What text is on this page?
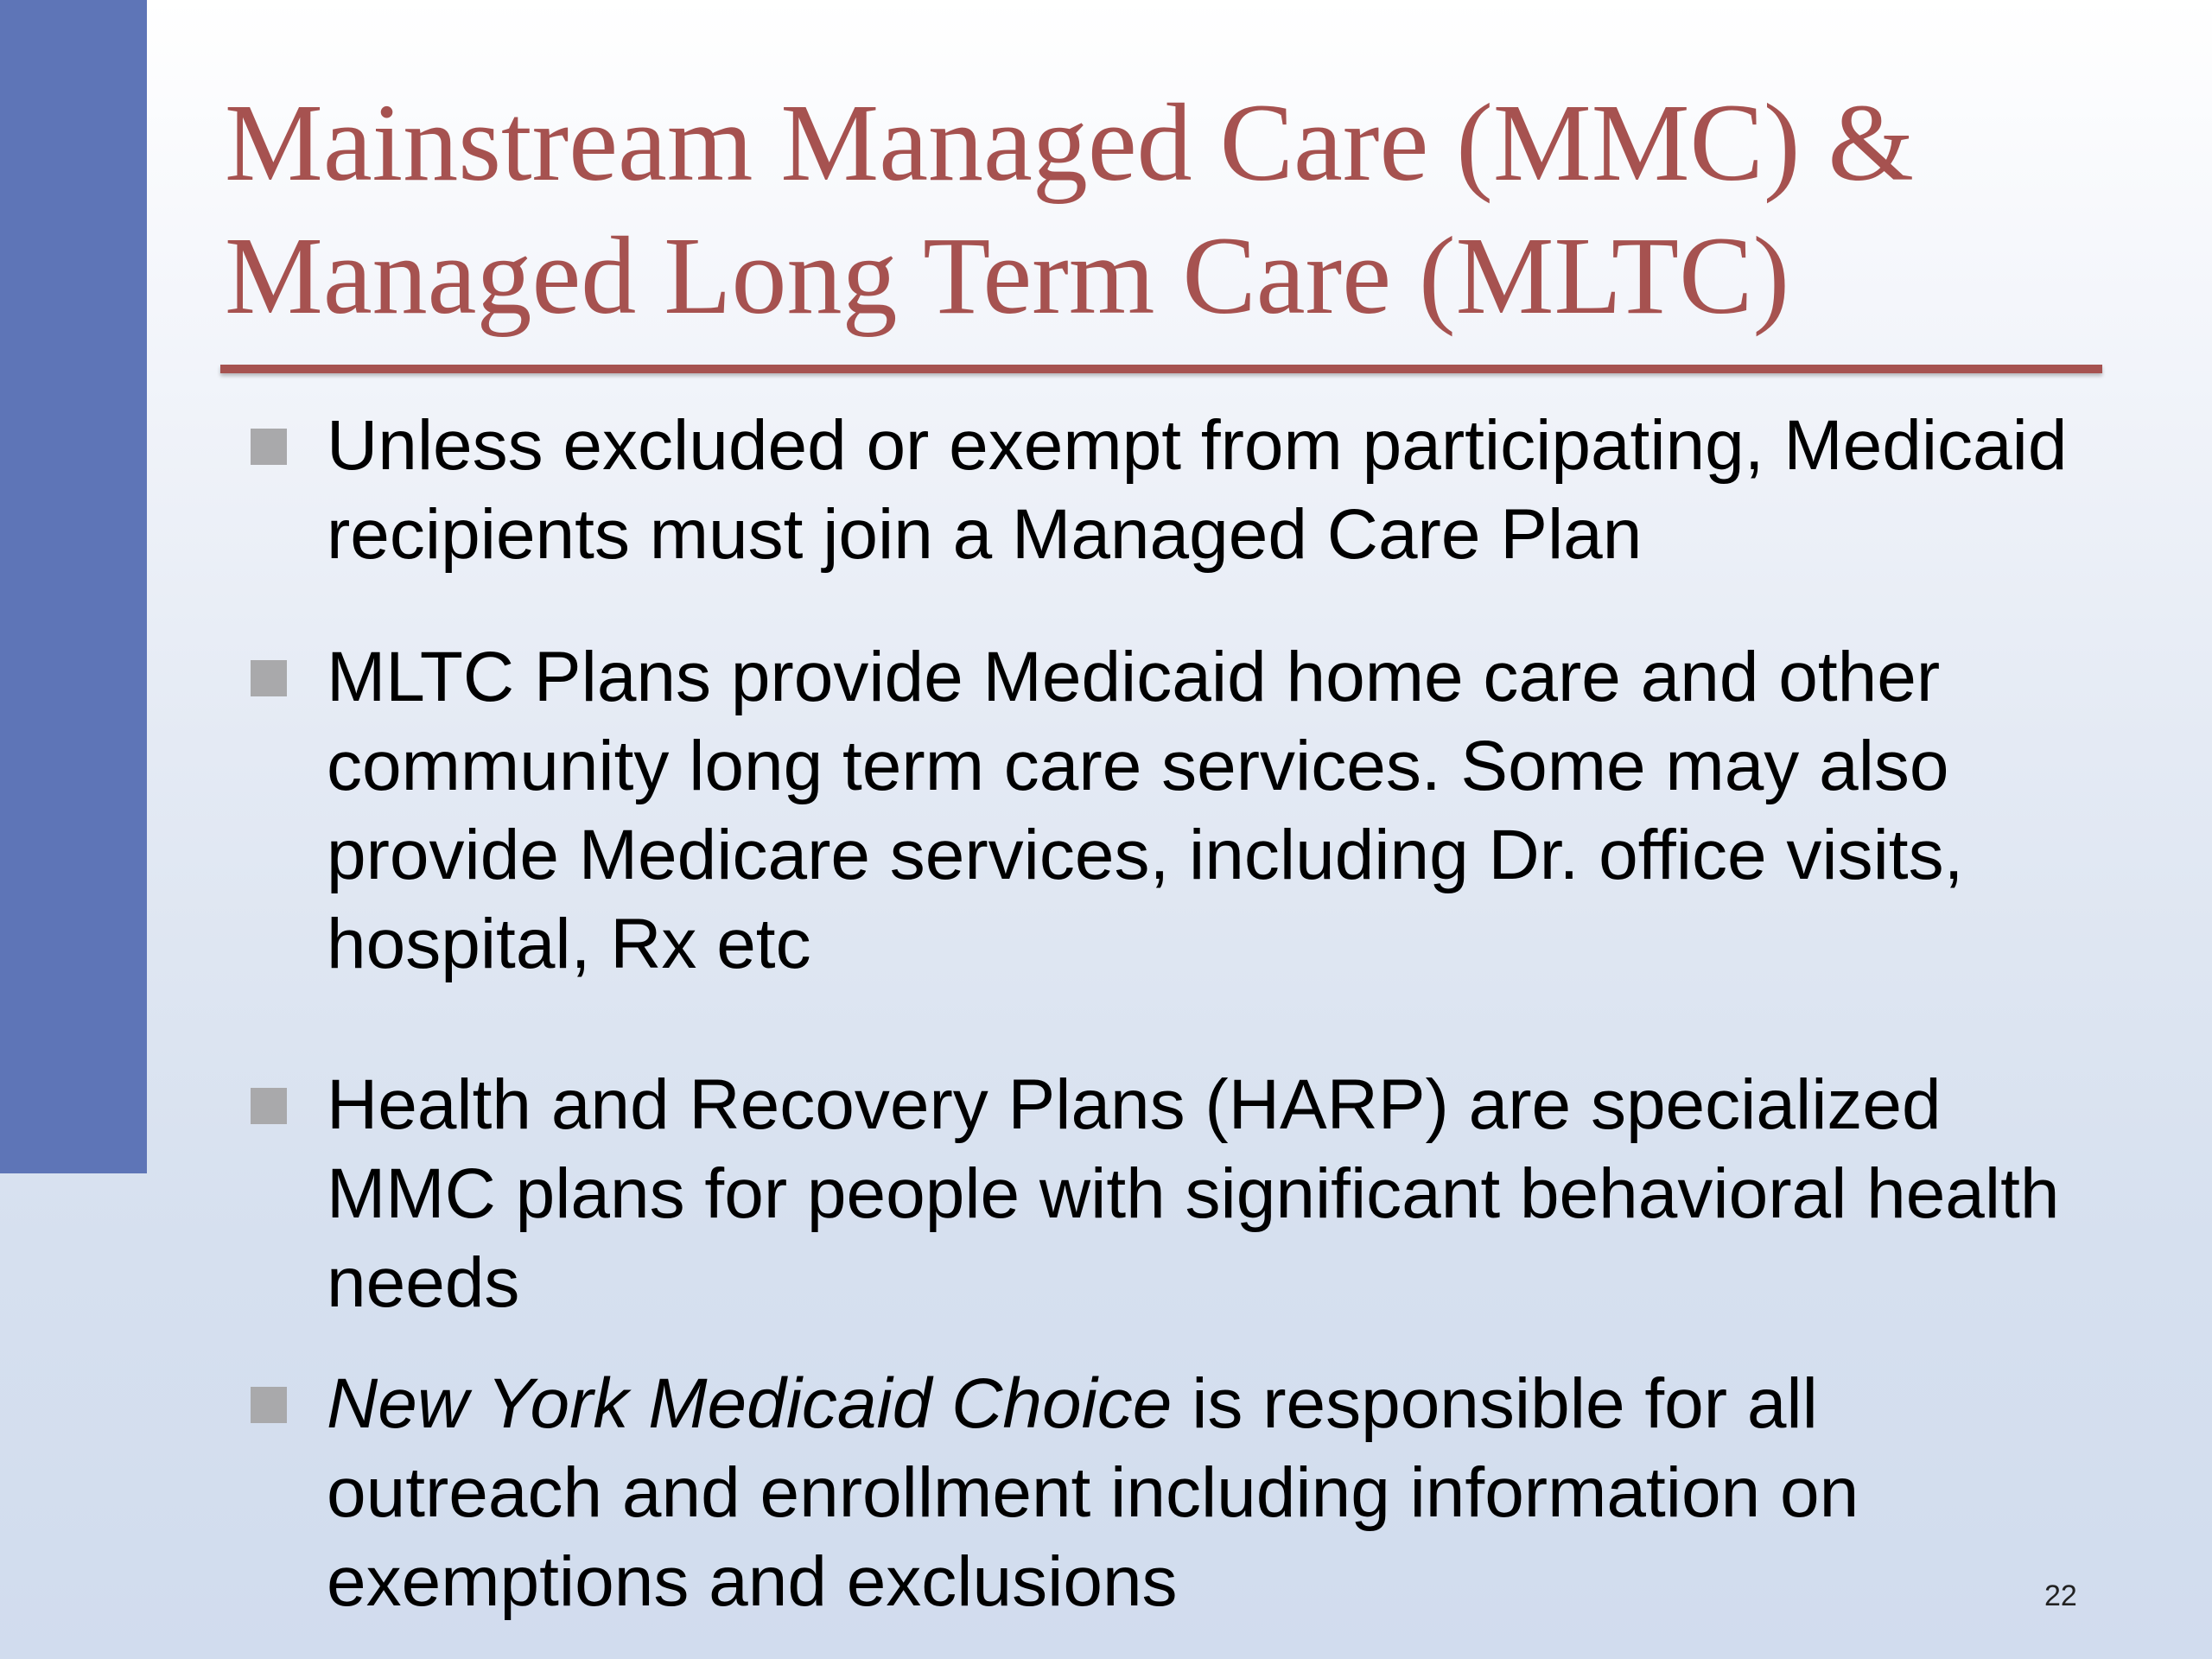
Mainstream Managed Care (MMC) &
Managed Long Term Care (MLTC)

Unless excluded or exempt from participating, Medicaid recipients must join a Managed Care Plan

MLTC Plans provide Medicaid home care and other community long term care services. Some may also provide Medicare services, including Dr. office visits, hospital, Rx etc

Health and Recovery Plans (HARP) are specialized MMC plans for people with significant behavioral health needs

New York Medicaid Choice is responsible for all outreach and enrollment including information on exemptions and exclusions	22
